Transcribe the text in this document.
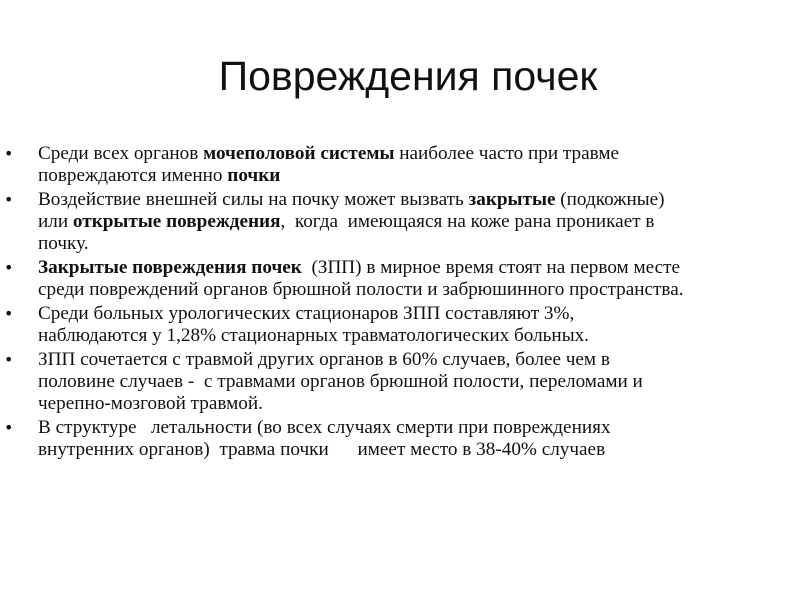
Повреждения почек
• Среди всех органов мочеполовой системы наиболее часто при травме
повреждаются именно почки
• Воздействие внешней силы на почку может вызвать закрытые (подкожные)
или открытые повреждения,  когда  имеющаяся на коже рана проникает в
почку.
• Закрытые повреждения почек  (ЗПП) в мирное время стоят на первом месте
среди повреждений органов брюшной полости и забрюшинного пространства.
• Среди больных урологических стационаров ЗПП составляют 3%,
наблюдаются у 1,28% стационарных травматологических больных.
• ЗПП сочетается с травмой других органов в 60% случаев, более чем в
половине случаев -  с травмами органов брюшной полости, переломами и
черепно-мозговой травмой.
• В структуре   летальности (во всех случаях смерти при повреждениях
внутренних органов)  травма почки      имеет место в 38-40% случаев
